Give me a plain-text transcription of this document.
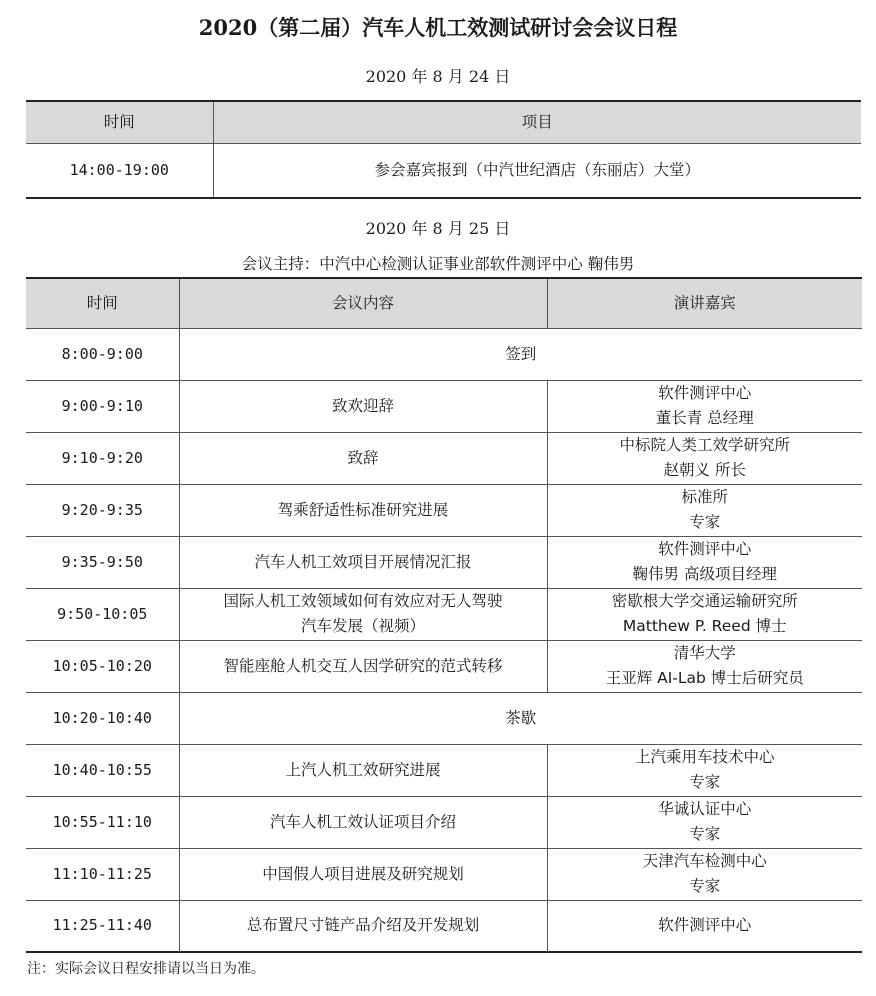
2020（第二届）汽车人机工效测试研讨会会议日程
2020 年 8 月 24 日
时间	项目
14:00-19:00	参会嘉宾报到（中汽世纪酒店（东丽店）大堂）
2020 年 8 月 25 日
会议主持：中汽中心检测认证事业部软件测评中心 鞠伟男
时间	会议内容	演讲嘉宾
8:00-9:00	签到	
9:00-9:10	致欢迎辞	软件测评中心
董长青 总经理

9:10-9:20	致辞	中标院人类工效学研究所
赵朝义 所长

9:20-9:35	驾乘舒适性标准研究进展	标准所
专家

9:35-9:50	汽车人机工效项目开展情况汇报	软件测评中心
鞠伟男 高级项目经理

9:50-10:05	国际人机工效领域如何有效应对无人驾驶
汽车发展（视频）	密歇根大学交通运输研究所
Matthew P. Reed 博士

10:05-10:20	智能座舱人机交互人因学研究的范式转移	清华大学
王亚辉 AI-Lab 博士后研究员

10:20-10:40	茶歇	
10:40-10:55	上汽人机工效研究进展	上汽乘用车技术中心
专家

10:55-11:10	汽车人机工效认证项目介绍	华诚认证中心
专家

11:10-11:25	中国假人项目进展及研究规划	天津汽车检测中心
专家

11:25-11:40	总布置尺寸链产品介绍及开发规划	软件测评中心
注：实际会议日程安排请以当日为准。
